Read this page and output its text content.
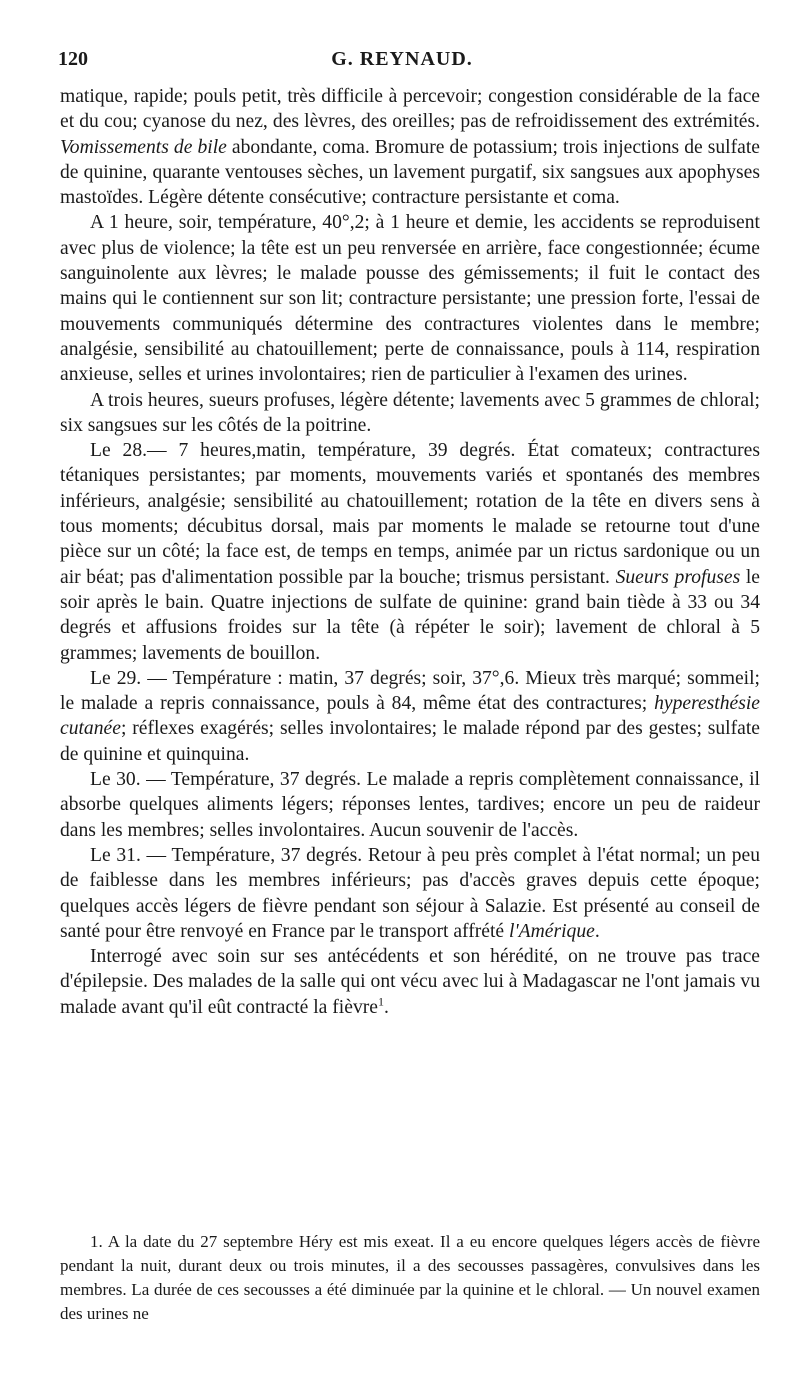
120	G. REYNAUD.

matique, rapide; pouls petit, très difficile à percevoir; congestion considérable de la face et du cou; cyanose du nez, des lèvres, des oreilles; pas de refroidissement des extrémités. Vomissements de bile abondante, coma. Bromure de potassium; trois injections de sulfate de quinine, quarante ventouses sèches, un lavement purgatif, six sangsues aux apophyses mastoïdes. Légère détente consécutive; contracture persistante et coma.

A 1 heure, soir, température, 40°,2; à 1 heure et demie, les accidents se reproduisent avec plus de violence; la tête est un peu renversée en arrière, face congestionnée; écume sanguinolente aux lèvres; le malade pousse des gémissements; il fuit le contact des mains qui le contiennent sur son lit; contracture persistante; une pression forte, l'essai de mouvements communiqués détermine des contractures violentes dans le membre; analgésie, sensibilité au chatouillement; perte de connaissance, pouls à 114, respiration anxieuse, selles et urines involontaires; rien de particulier à l'examen des urines.

A trois heures, sueurs profuses, légère détente; lavements avec 5 grammes de chloral; six sangsues sur les côtés de la poitrine.

Le 28.— 7 heures,matin, température, 39 degrés. État comateux; contractures tétaniques persistantes; par moments, mouvements variés et spontanés des membres inférieurs, analgésie; sensibilité au chatouillement; rotation de la tête en divers sens à tous moments; décubitus dorsal, mais par moments le malade se retourne tout d'une pièce sur un côté; la face est, de temps en temps, animée par un rictus sardonique ou un air béat; pas d'alimentation possible par la bouche; trismus persistant. Sueurs profuses le soir après le bain. Quatre injections de sulfate de quinine: grand bain tiède à 33 ou 34 degrés et affusions froides sur la tête (à répéter le soir); lavement de chloral à 5 grammes; lavements de bouillon.

Le 29. — Température : matin, 37 degrés; soir, 37°,6. Mieux très marqué; sommeil; le malade a repris connaissance, pouls à 84, même état des contractures; hyperesthésie cutanée; réflexes exagérés; selles involontaires; le malade répond par des gestes; sulfate de quinine et quinquina.

Le 30. — Température, 37 degrés. Le malade a repris complètement connaissance, il absorbe quelques aliments légers; réponses lentes, tardives; encore un peu de raideur dans les membres; selles involontaires. Aucun souvenir de l'accès.

Le 31. — Température, 37 degrés. Retour à peu près complet à l'état normal; un peu de faiblesse dans les membres inférieurs; pas d'accès graves depuis cette époque; quelques accès légers de fièvre pendant son séjour à Salazie. Est présenté au conseil de santé pour être renvoyé en France par le transport affrété l'Amérique.

Interrogé avec soin sur ses antécédents et son hérédité, on ne trouve pas trace d'épilepsie. Des malades de la salle qui ont vécu avec lui à Madagascar ne l'ont jamais vu malade avant qu'il eût contracté la fièvre$^1$.

1. A la date du 27 septembre Héry est mis exeat. Il a eu encore quelques légers accès de fièvre pendant la nuit, durant deux ou trois minutes, il a des secousses passagères, convulsives dans les membres. La durée de ces secousses a été diminuée par la quinine et le chloral. — Un nouvel examen des urines ne
